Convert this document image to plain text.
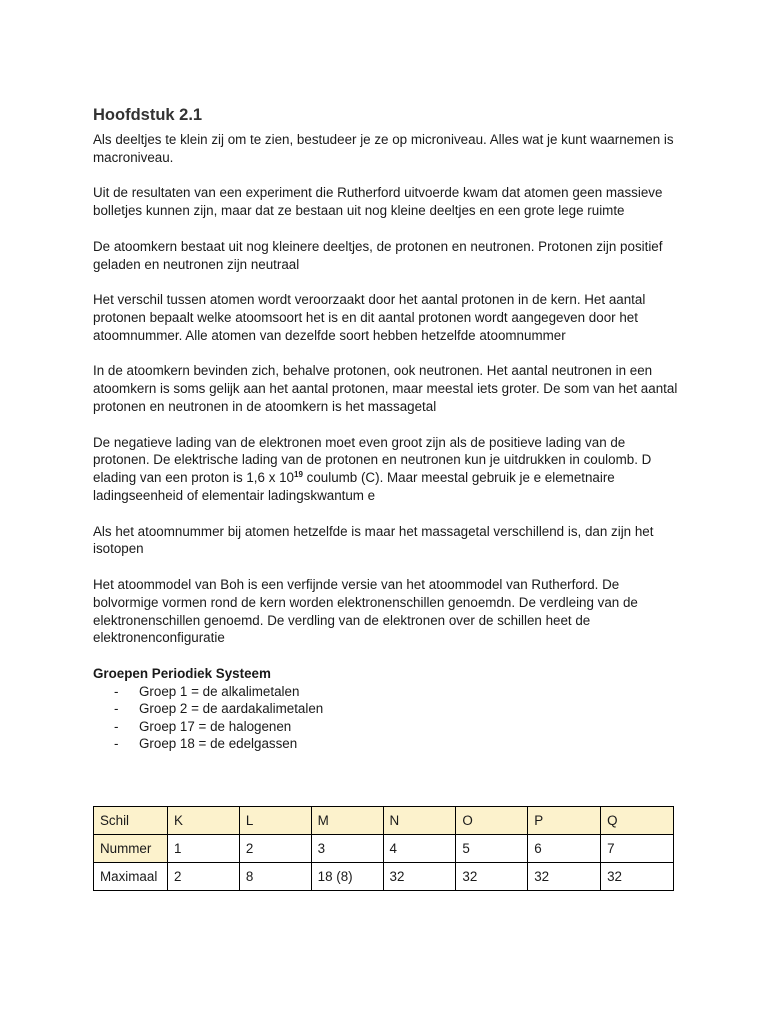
Hoofdstuk 2.1

Als deeltjes te klein zij om te zien, bestudeer je ze op microniveau. Alles wat je kunt waarnemen is macroniveau.

Uit de resultaten van een experiment die Rutherford uitvoerde kwam dat atomen geen massieve bolletjes kunnen zijn, maar dat ze bestaan uit nog kleine deeltjes en een grote lege ruimte

De atoomkern bestaat uit nog kleinere deeltjes, de protonen en neutronen. Protonen zijn positief geladen en neutronen zijn neutraal

Het verschil tussen atomen wordt veroorzaakt door het aantal protonen in de kern. Het aantal protonen bepaalt welke atoomsoort het is en dit aantal protonen wordt aangegeven door het atoomnummer. Alle atomen van dezelfde soort hebben hetzelfde atoomnummer

In de atoomkern bevinden zich, behalve protonen, ook neutronen. Het aantal neutronen in een atoomkern is soms gelijk aan het aantal protonen, maar meestal iets groter. De som van het aantal protonen en neutronen in de atoomkern is het massagetal

De negatieve lading van de elektronen moet even groot zijn als de positieve lading van de protonen. De elektrische lading van de protonen en neutronen kun je uitdrukken in coulomb. D elading van een proton is 1,6 x $10^{19}$ coulumb (C). Maar meestal gebruik je e elemetnaire ladingseenheid of elementair ladingskwantum e

Als het atoomnummer bij atomen hetzelfde is maar het massagetal verschillend is, dan zijn het isotopen

Het atoommodel van Boh is een verfijnde versie van het atoommodel van Rutherford. De bolvormige vormen rond de kern worden elektronenschillen genoemdn. De verdleing van de elektronenschillen genoemd. De verdling van de elektronen over de schillen heet de elektronenconfiguratie

Groepen Periodiek Systeem
- Groep 1 = de alkalimetalen
- Groep 2 = de aardakalimetalen
- Groep 17 = de halogenen
- Groep 18 = de edelgassen
Schil	K	L	M	N	O	P	Q
Nummer	1	2	3	4	5	6	7
Maximaal	2	8	18 (8)	32	32	32	32
